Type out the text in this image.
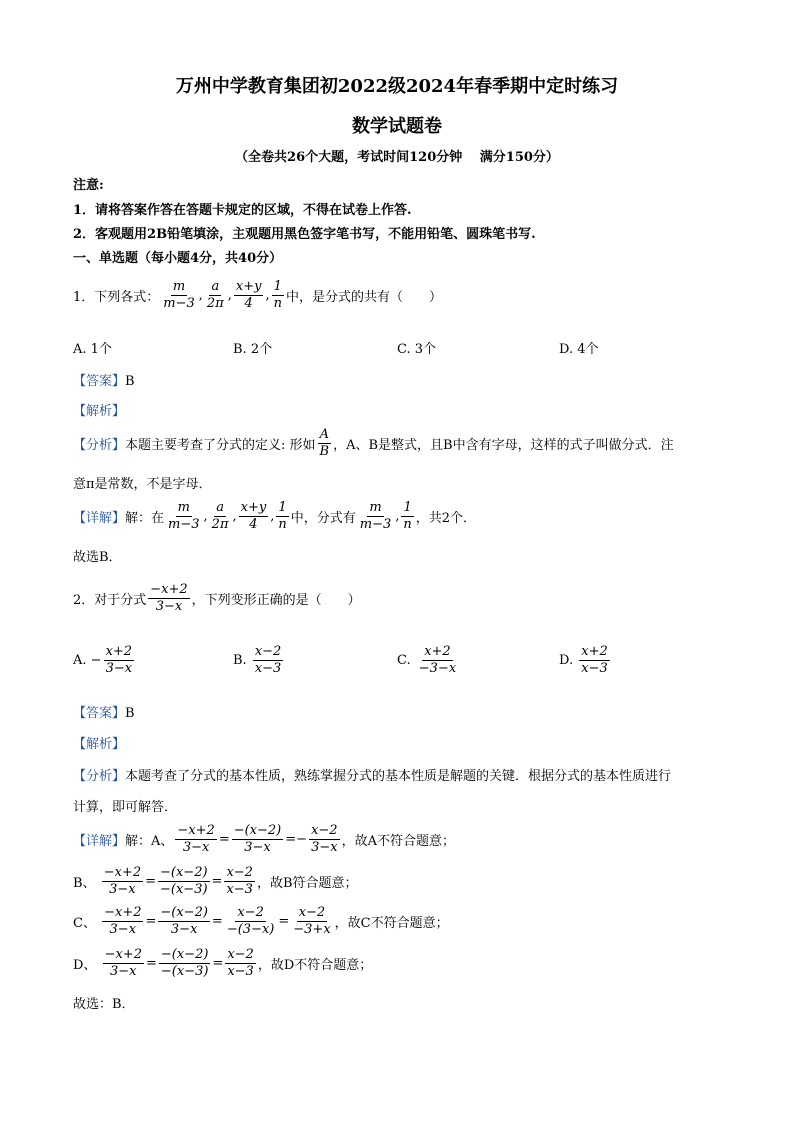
万州中学教育集团初2022级2024年春季期中定时练习
数学试题卷
（全卷共26个大题，考试时间120分钟　 满分150分）
注意:
1．请将答案作答在答题卡规定的区域，不得在试卷上作答.
2．客观题用2B铅笔填涂，主观题用黑色签字笔书写，不能用铅笔、圆珠笔书写.
一、单选题（每小题4分，共40分）
1．下列各式： $\frac{m}{m-3}$ , $\frac{a}{2\pi}$ , $\frac{x+y}{4}$ , $\frac{1}{n}$ 中，是分式的共有（　　）
A. 1个	B. 2个	C. 3个	D. 4个
【答案】B
【解析】
【分析】 本题主要考查了分式的定义: 形如 $\frac{A}{B}$ ，A、B是整式，且B中含有字母，这样的式子叫做分式．注
意π是常数，不是字母．
【详解】 解：在 $\frac{m}{m-3}$ , $\frac{a}{2\pi}$ , $\frac{x+y}{4}$ , $\frac{1}{n}$ 中，分式有 $\frac{m}{m-3}$ , $\frac{1}{n}$ ，共2个．
故选B．
2．对于分式 $\frac{-x+2}{3-x}$ ，下列变形正确的是（　　）
A.
− $\frac{x+2}{3-x}$	B.
$\frac{x-2}{x-3}$	C.
$\frac{x+2}{-3-x}$	D.
$\frac{x+2}{x-3}$
【答案】B
【解析】
【分析】本题考查了分式的基本性质，熟练掌握分式的基本性质是解题的关键．根据分式的基本性质进行
计算，即可解答．
【详解】 解： A、 $\frac{-x+2}{3-x} = \frac{-(x-2)}{3-x}$ = − $\frac{x-2}{3-x}$ ，故A不符合题意；
B、
$\frac{-x+2}{3-x} = \frac{-(x-2)}{-(x-3)} = \frac{x-2}{x-3}$ ，故B符合题意；
C、
$\frac{-x+2}{3-x} = \frac{-(x-2)}{3-x} = \frac{x-2}{-(3-x)} = \frac{x-2}{-3+x}$ ，故C不符合题意；
D、
$\frac{-x+2}{3-x} = \frac{-(x-2)}{-(x-3)} = \frac{x-2}{x-3}$ ，故D不符合题意；
故选：B．
